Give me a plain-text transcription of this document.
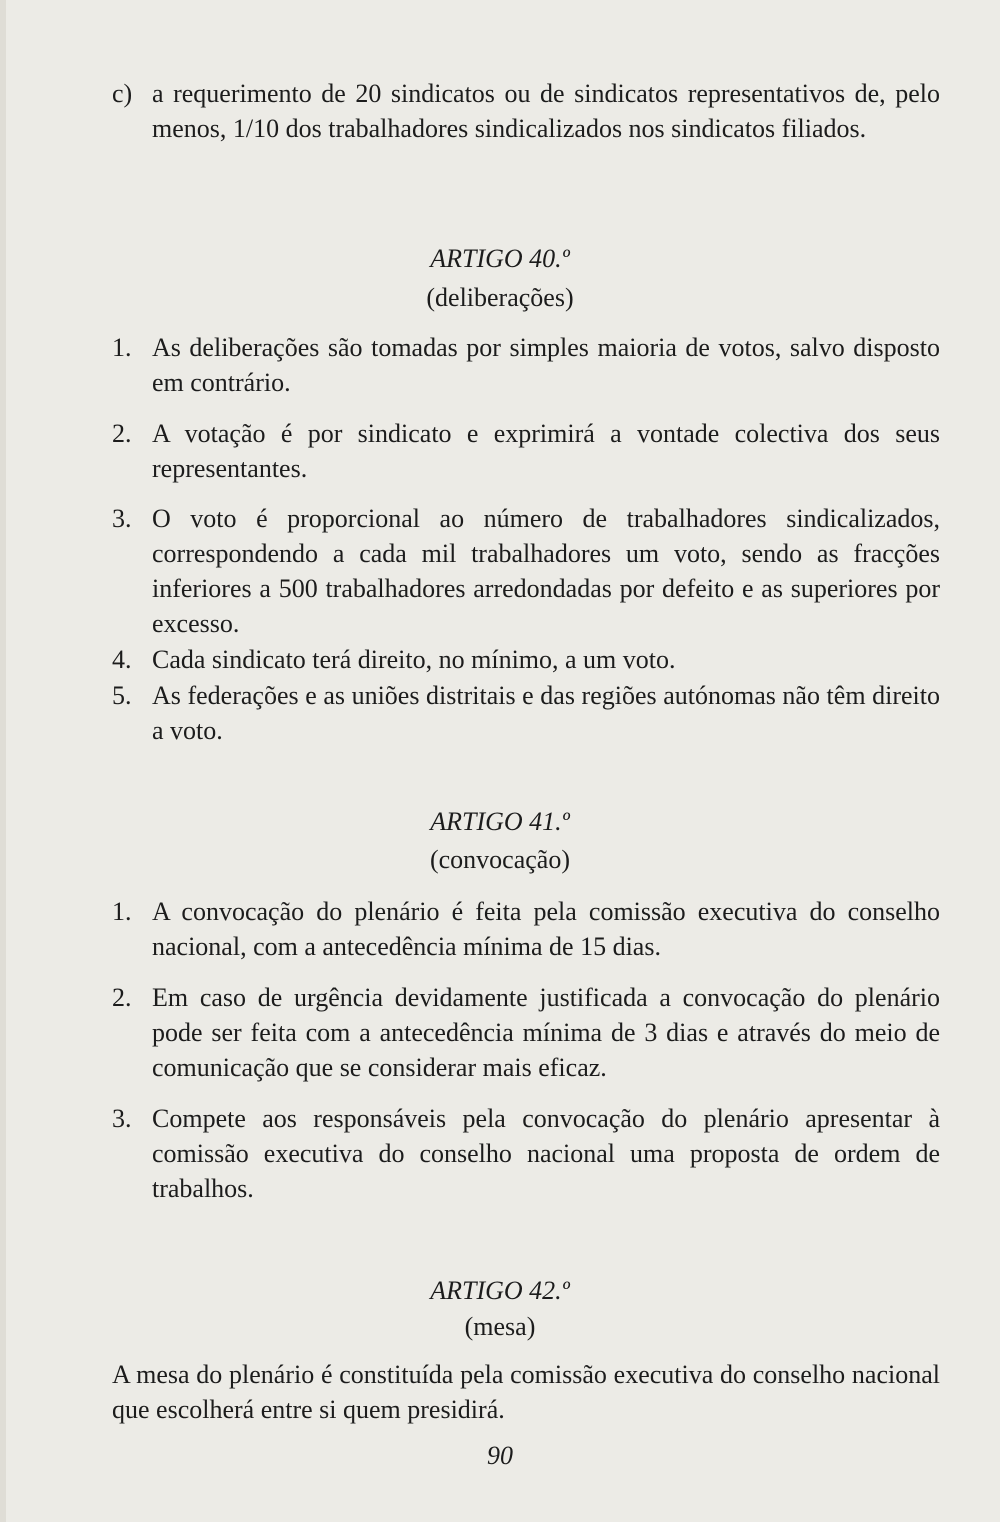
c) a requerimento de 20 sindicatos ou de sindicatos representativos de, pelo menos, 1/10 dos trabalhadores sindicalizados nos sindicatos filiados.
ARTIGO 40.º
(deliberações)
1. As deliberações são tomadas por simples maioria de votos, salvo disposto em contrário.
2. A votação é por sindicato e exprimirá a vontade colectiva dos seus representantes.
3. O voto é proporcional ao número de trabalhadores sindicalizados, correspondendo a cada mil trabalhadores um voto, sendo as fracções inferiores a 500 trabalhadores arredondadas por defeito e as superiores por excesso.
4. Cada sindicato terá direito, no mínimo, a um voto.
5. As federações e as uniões distritais e das regiões autónomas não têm direito a voto.
ARTIGO 41.º
(convocação)
1. A convocação do plenário é feita pela comissão executiva do conselho nacional, com a antecedência mínima de 15 dias.
2. Em caso de urgência devidamente justificada a convocação do plenário pode ser feita com a antecedência mínima de 3 dias e através do meio de comunicação que se considerar mais eficaz.
3. Compete aos responsáveis pela convocação do plenário apresentar à comissão executiva do conselho nacional uma proposta de ordem de trabalhos.
ARTIGO 42.º
(mesa)
A mesa do plenário é constituída pela comissão executiva do conselho nacional que escolherá entre si quem presidirá.
90
